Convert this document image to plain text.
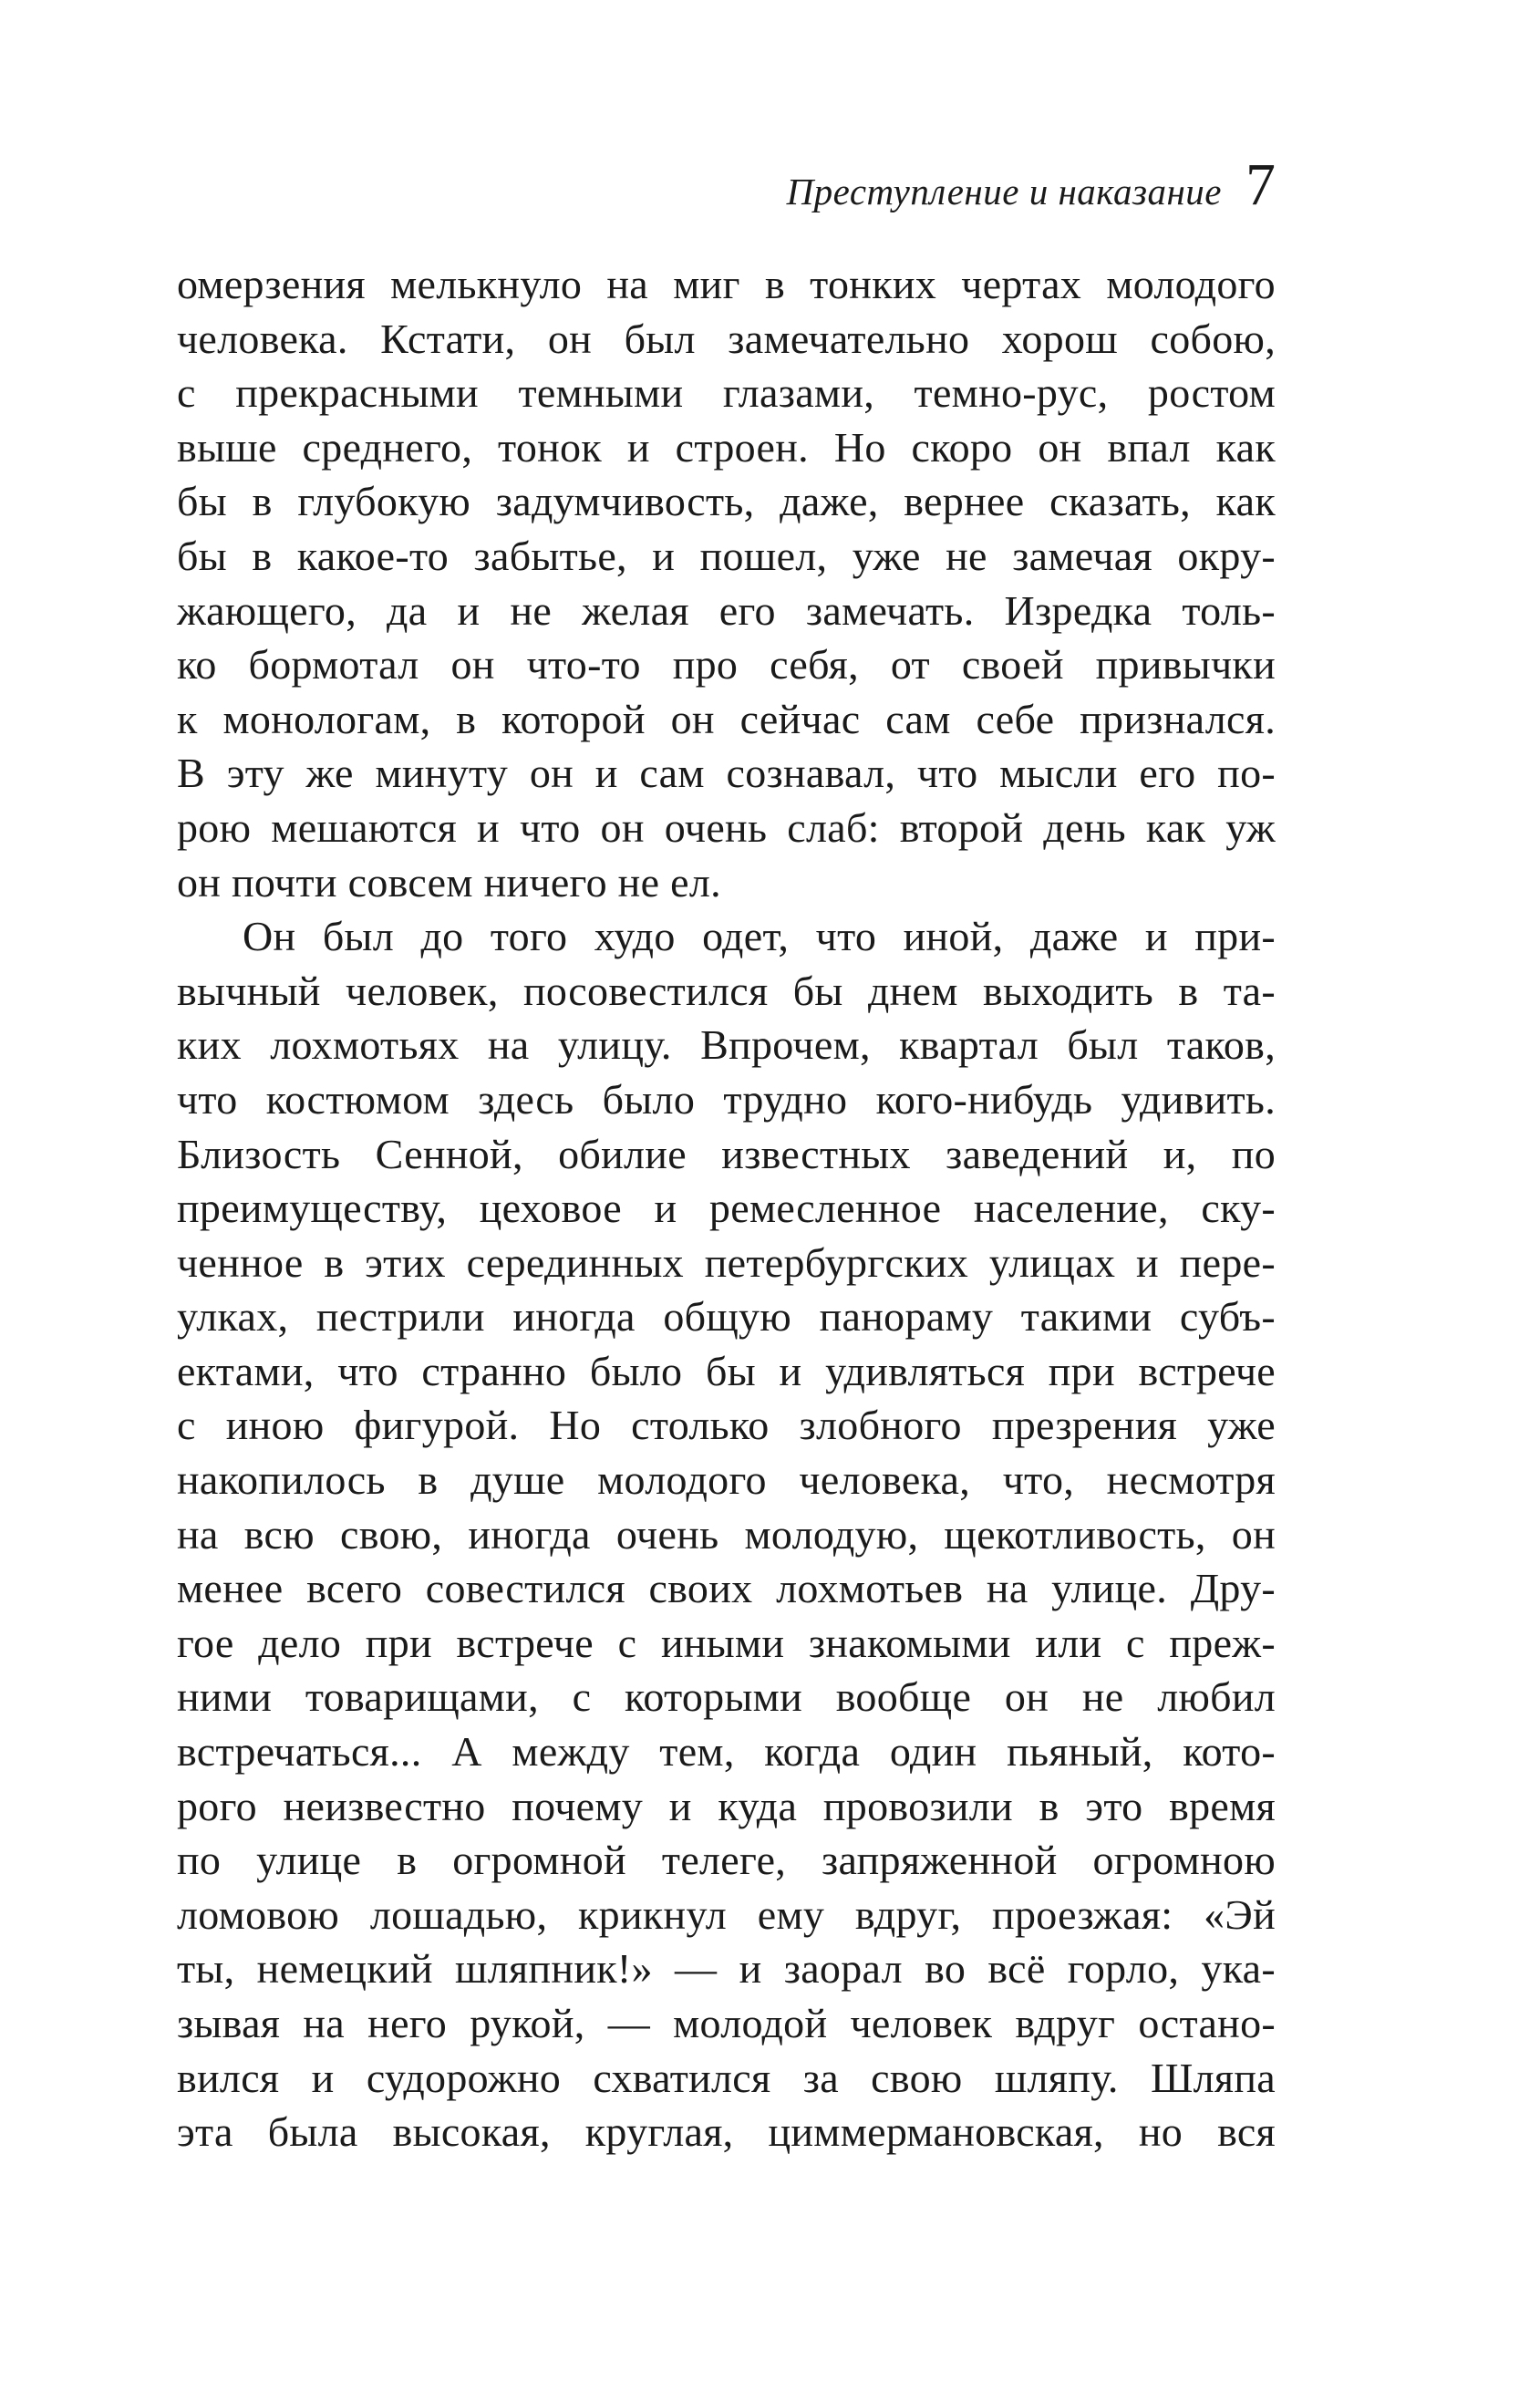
Преступление и наказание 7
омерзения мелькнуло на миг в тонких чертах молодого
человека. Кстати, он был замечательно хорош собою,
с прекрасными темными глазами, темно-рус, ростом
выше среднего, тонок и строен. Но скоро он впал как
бы в глубокую задумчивость, даже, вернее сказать, как
бы в какое-то забытье, и пошел, уже не замечая окру-
жающего, да и не желая его замечать. Изредка толь-
ко бормотал он что-то про себя, от своей привычки
к монологам, в которой он сейчас сам себе признался.
В эту же минуту он и сам сознавал, что мысли его по-
рою мешаются и что он очень слаб: второй день как уж
он почти совсем ничего не ел.
Он был до того худо одет, что иной, даже и при-
вычный человек, посовестился бы днем выходить в та-
ких лохмотьях на улицу. Впрочем, квартал был таков,
что костюмом здесь было трудно кого-нибудь удивить.
Близость Сенной, обилие известных заведений и, по
преимуществу, цеховое и ремесленное население, ску-
ченное в этих серединных петербургских улицах и пере-
улках, пестрили иногда общую панораму такими субъ-
ектами, что странно было бы и удивляться при встрече
с иною фигурой. Но столько злобного презрения уже
накопилось в душе молодого человека, что, несмотря
на всю свою, иногда очень молодую, щекотливость, он
менее всего совестился своих лохмотьев на улице. Дру-
гое дело при встрече с иными знакомыми или с преж-
ними товарищами, с которыми вообще он не любил
встречаться... А между тем, когда один пьяный, кото-
рого неизвестно почему и куда провозили в это время
по улице в огромной телеге, запряженной огромною
ломовою лошадью, крикнул ему вдруг, проезжая: «Эй
ты, немецкий шляпник!» — и заорал во всё горло, ука-
зывая на него рукой, — молодой человек вдруг остано-
вился и судорожно схватился за свою шляпу. Шляпа
эта была высокая, круглая, циммермановская, но вся
